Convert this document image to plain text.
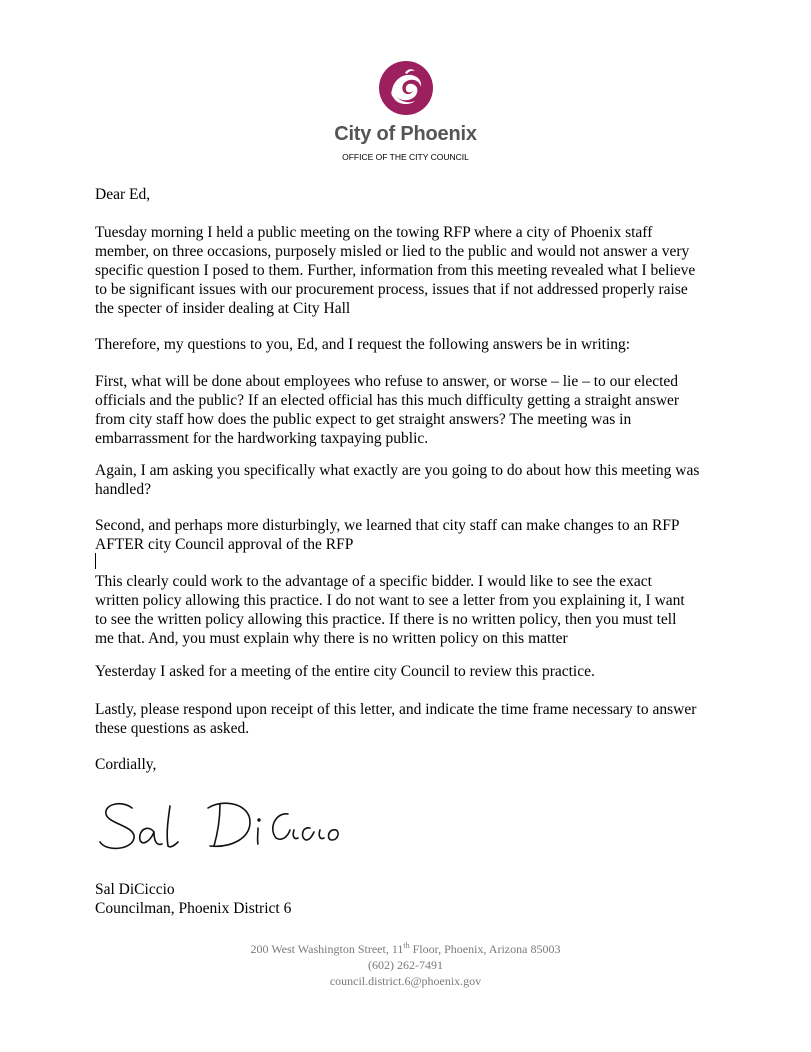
City of Phoenix
OFFICE OF THE CITY COUNCIL
Dear Ed,
Tuesday morning I held a public meeting on the towing RFP where a city of Phoenix staff
member, on three occasions, purposely misled or lied to the public and would not answer a very
specific question I posed to them. Further, information from this meeting revealed what I believe
to be significant issues with our procurement process, issues that if not addressed properly raise
the specter of insider dealing at City Hall
Therefore, my questions to you, Ed, and I request the following answers be in writing:
First, what will be done about employees who refuse to answer, or worse – lie – to our elected
officials and the public? If an elected official has this much difficulty getting a straight answer
from city staff how does the public expect to get straight answers? The meeting was in
embarrassment for the hardworking taxpaying public.
Again, I am asking you specifically what exactly are you going to do about how this meeting was
handled?
Second, and perhaps more disturbingly, we learned that city staff can make changes to an RFP
AFTER city Council approval of the RFP
This clearly could work to the advantage of a specific bidder. I would like to see the exact
written policy allowing this practice. I do not want to see a letter from you explaining it, I want
to see the written policy allowing this practice. If there is no written policy, then you must tell
me that. And, you must explain why there is no written policy on this matter
Yesterday I asked for a meeting of the entire city Council to review this practice.
Lastly, please respond upon receipt of this letter, and indicate the time frame necessary to answer
these questions as asked.
Cordially,
Sal DiCiccio
Councilman, Phoenix District 6
200 West Washington Street, 11th Floor, Phoenix, Arizona 85003
(602) 262-7491
council.district.6@phoenix.gov
